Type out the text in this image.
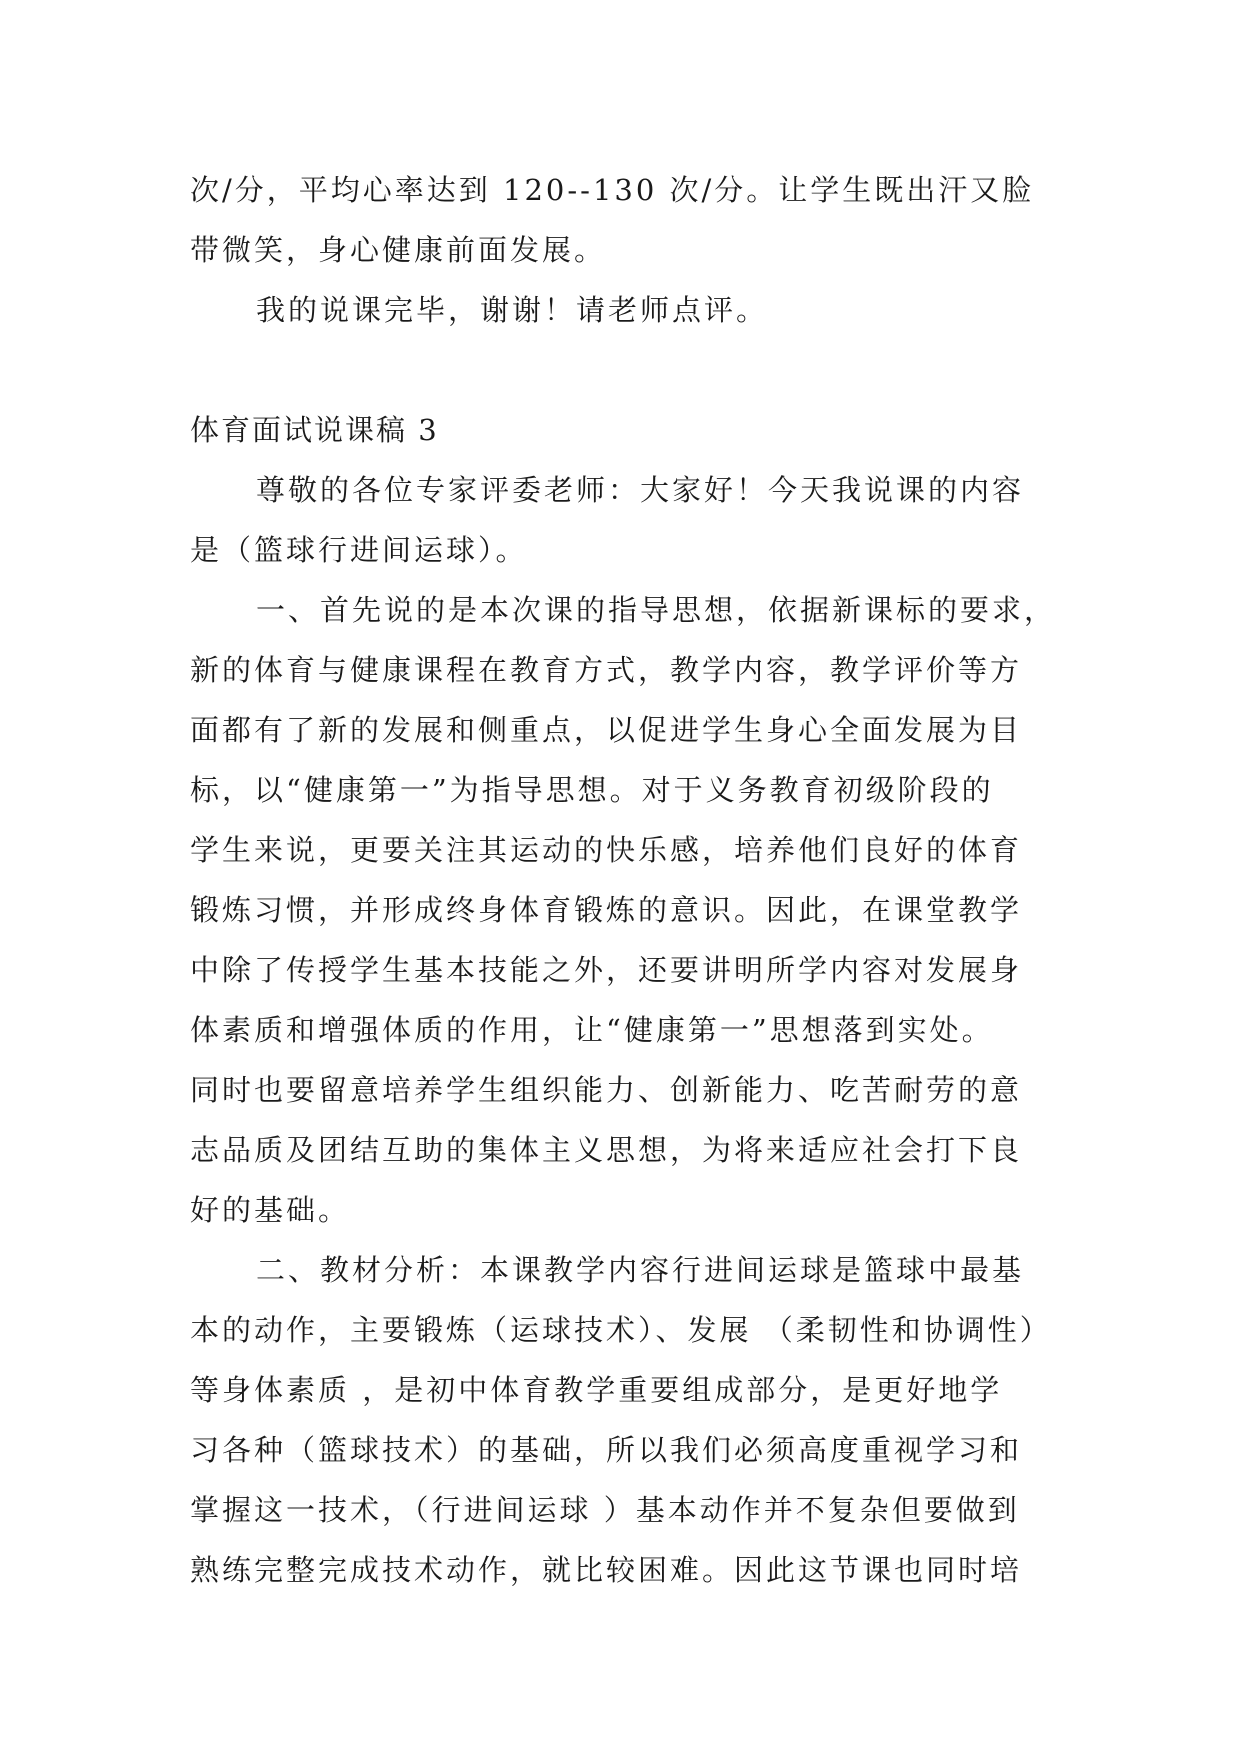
次/分，平均心率达到 120--130 次/分。让学生既出汗又脸
带微笑，身心健康前面发展。
我的说课完毕，谢谢！请老师点评。
体育面试说课稿 3
尊敬的各位专家评委老师：大家好！今天我说课的内容
是（篮球行进间运球）。
一、首先说的是本次课的指导思想，依据新课标的要求，
新的体育与健康课程在教育方式，教学内容，教学评价等方
面都有了新的发展和侧重点，以促进学生身心全面发展为目
标，以“健康第一”为指导思想。对于义务教育初级阶段的
学生来说，更要关注其运动的快乐感，培养他们良好的体育
锻炼习惯，并形成终身体育锻炼的意识。因此，在课堂教学
中除了传授学生基本技能之外，还要讲明所学内容对发展身
体素质和增强体质的作用，让“健康第一”思想落到实处。
同时也要留意培养学生组织能力、创新能力、吃苦耐劳的意
志品质及团结互助的集体主义思想，为将来适应社会打下良
好的基础。
二、教材分析：本课教学内容行进间运球是篮球中最基
本的动作，主要锻炼（运球技术）、发展 （柔韧性和协调性）
等身体素质 ，是初中体育教学重要组成部分，是更好地学
习各种（篮球技术）的基础，所以我们必须高度重视学习和
掌握这一技术，（行进间运球 ）基本动作并不复杂但要做到
熟练完整完成技术动作，就比较困难。因此这节课也同时培
